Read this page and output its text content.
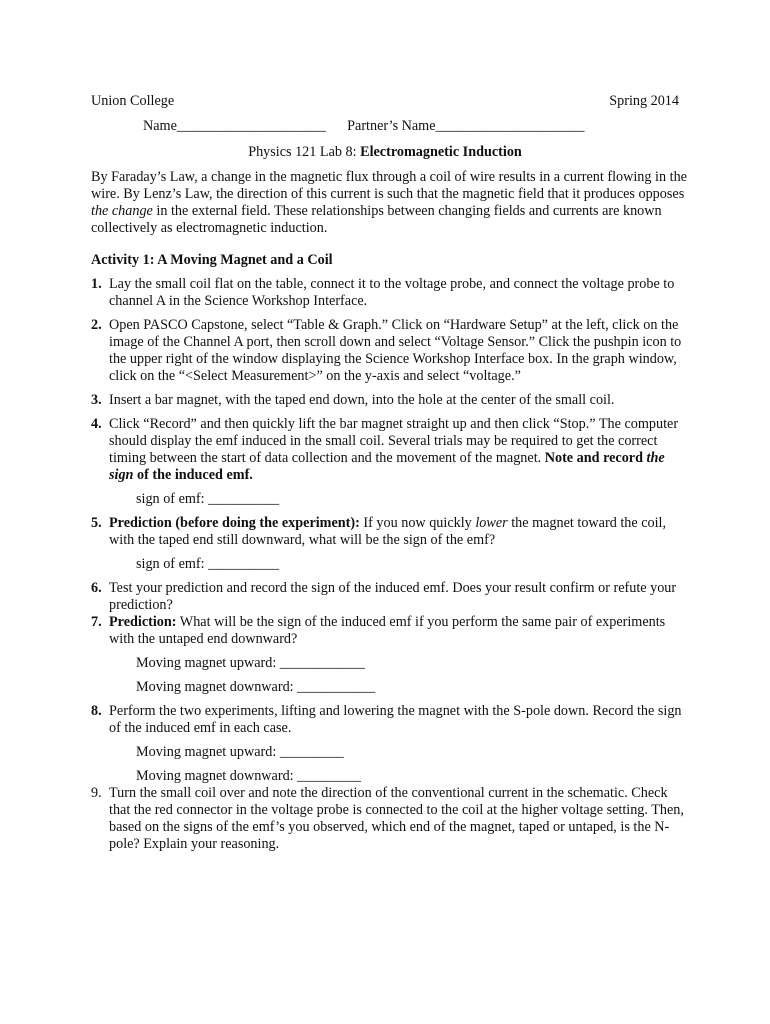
Union College	Spring 2014
Name_____________________      Partner’s Name_____________________
Physics 121 Lab 8: Electromagnetic Induction

By Faraday’s Law, a change in the magnetic flux through a coil of wire results in a current flowing in the wire. By Lenz’s Law, the direction of this current is such that the magnetic field that it produces opposes the change in the external field. These relationships between changing fields and currents are known collectively as electromagnetic induction.

Activity 1: A Moving Magnet and a Coil

1. Lay the small coil flat on the table, connect it to the voltage probe, and connect the voltage probe to channel A in the Science Workshop Interface.
2. Open PASCO Capstone, select “Table & Graph.” Click on “Hardware Setup” at the left, click on the image of the Channel A port, then scroll down and select “Voltage Sensor.” Click the pushpin icon to the upper right of the window displaying the Science Workshop Interface box. In the graph window, click on the “<Select Measurement>” on the y-axis and select “voltage.”
3. Insert a bar magnet, with the taped end down, into the hole at the center of the small coil.
4. Click “Record” and then quickly lift the bar magnet straight up and then click “Stop.” The computer should display the emf induced in the small coil. Several trials may be required to get the correct timing between the start of data collection and the movement of the magnet. Note and record the sign of the induced emf.

sign of emf: __________

5. Prediction (before doing the experiment): If you now quickly lower the magnet toward the coil, with the taped end still downward, what will be the sign of the emf?

sign of emf: __________

6. Test your prediction and record the sign of the induced emf. Does your result confirm or refute your prediction?
7. Prediction: What will be the sign of the induced emf if you perform the same pair of experiments with the untaped end downward?

Moving magnet upward: ____________

Moving magnet downward: ___________

8. Perform the two experiments, lifting and lowering the magnet with the S-pole down. Record the sign of the induced emf in each case.

Moving magnet upward: _________

Moving magnet downward: _________

9. Turn the small coil over and note the direction of the conventional current in the schematic. Check that the red connector in the voltage probe is connected to the coil at the higher voltage setting. Then, based on the signs of the emf’s you observed, which end of the magnet, taped or untaped, is the N-pole? Explain your reasoning.
